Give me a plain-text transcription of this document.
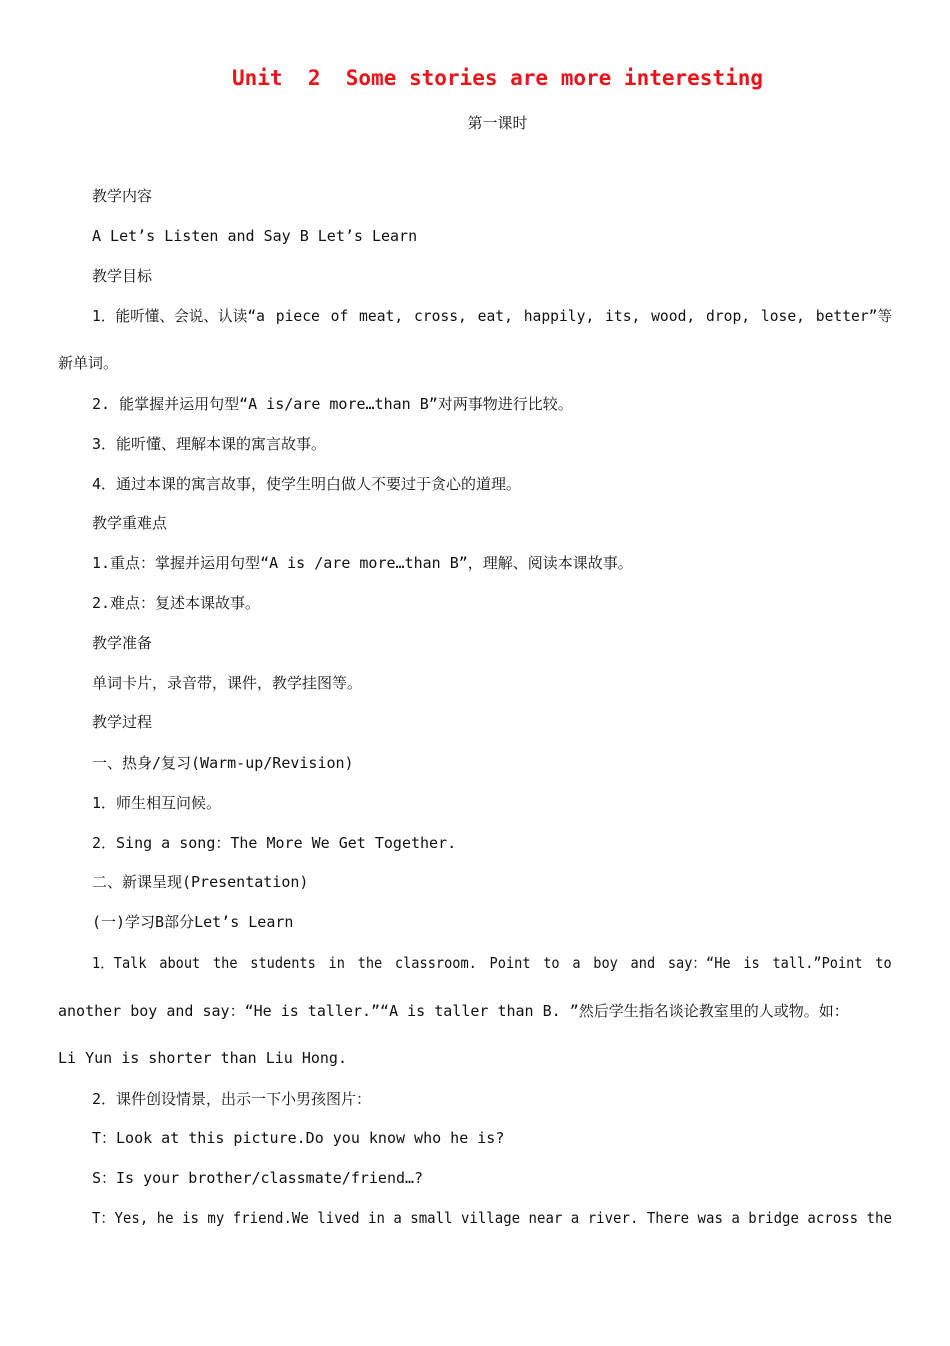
Unit  2  Some stories are more interesting
第一课时
教学内容
A Let’s Listen and Say B Let’s Learn
教学目标
1．能听懂、会说、认读“a piece of meat, cross, eat, happily, its, wood, drop, lose, better”等
新单词。
2. 能掌握并运用句型“A is/are more…than B”对两事物进行比较。
3．能听懂、理解本课的寓言故事。
4．通过本课的寓言故事，使学生明白做人不要过于贪心的道理。
教学重难点
1.重点：掌握并运用句型“A is /are more…than B”，理解、阅读本课故事。
2.难点：复述本课故事。
教学准备
单词卡片，录音带，课件，教学挂图等。
教学过程
一、热身/复习(Warm-up/Revision)
1．师生相互问候。
2．Sing a song：The More We Get Together.
二、新课呈现(Presentation)
(一)学习B部分Let’s Learn
1．Talk about the students in the classroom. Point to a boy and say：“He is tall.”Point to
another boy and say：“He is taller.”“A is taller than B. ”然后学生指名谈论教室里的人或物。如：
Li Yun is shorter than Liu Hong.
2．课件创设情景，出示一下小男孩图片：
T：Look at this picture.Do you know who he is?
S：Is your brother/classmate/friend…?
T：Yes, he is my friend.We lived in a small village near a river. There was a bridge across the
